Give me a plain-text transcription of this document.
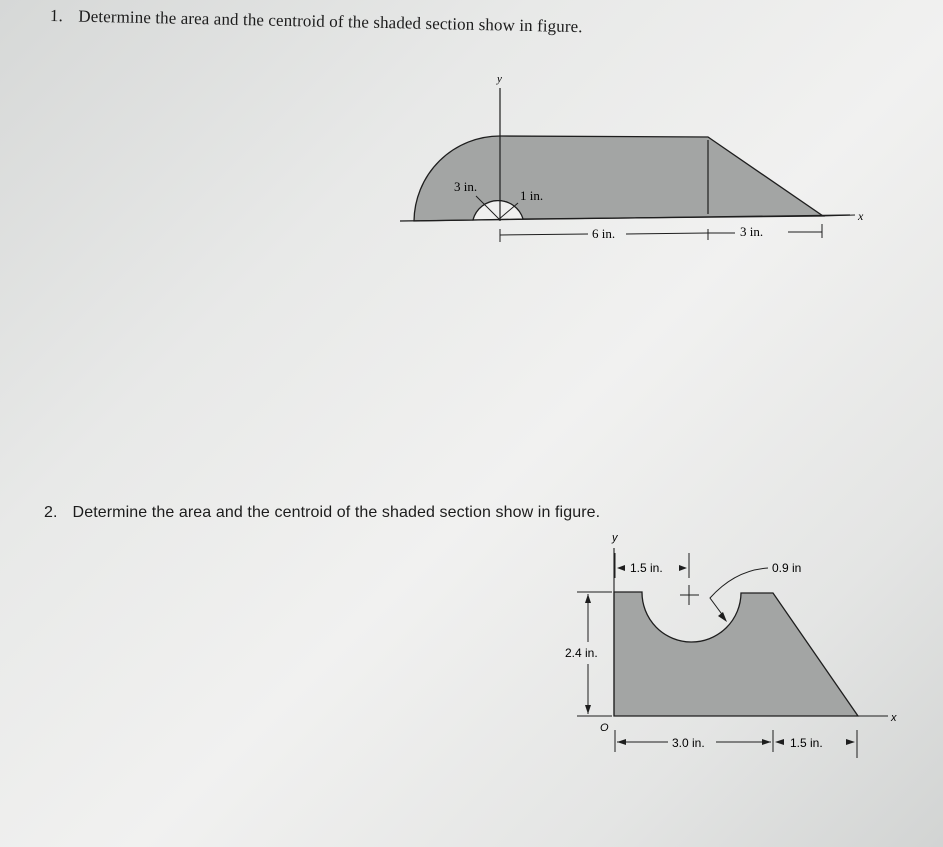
1. Determine the area and the centroid of the shaded section show in figure.
2. Determine the area and the centroid of the shaded section show in figure.
y
x
3 in.
1 in.
6 in.	3 in.
y
x
O
1.5 in.	0.9 in
2.4 in.
3.0 in.	1.5 in.
